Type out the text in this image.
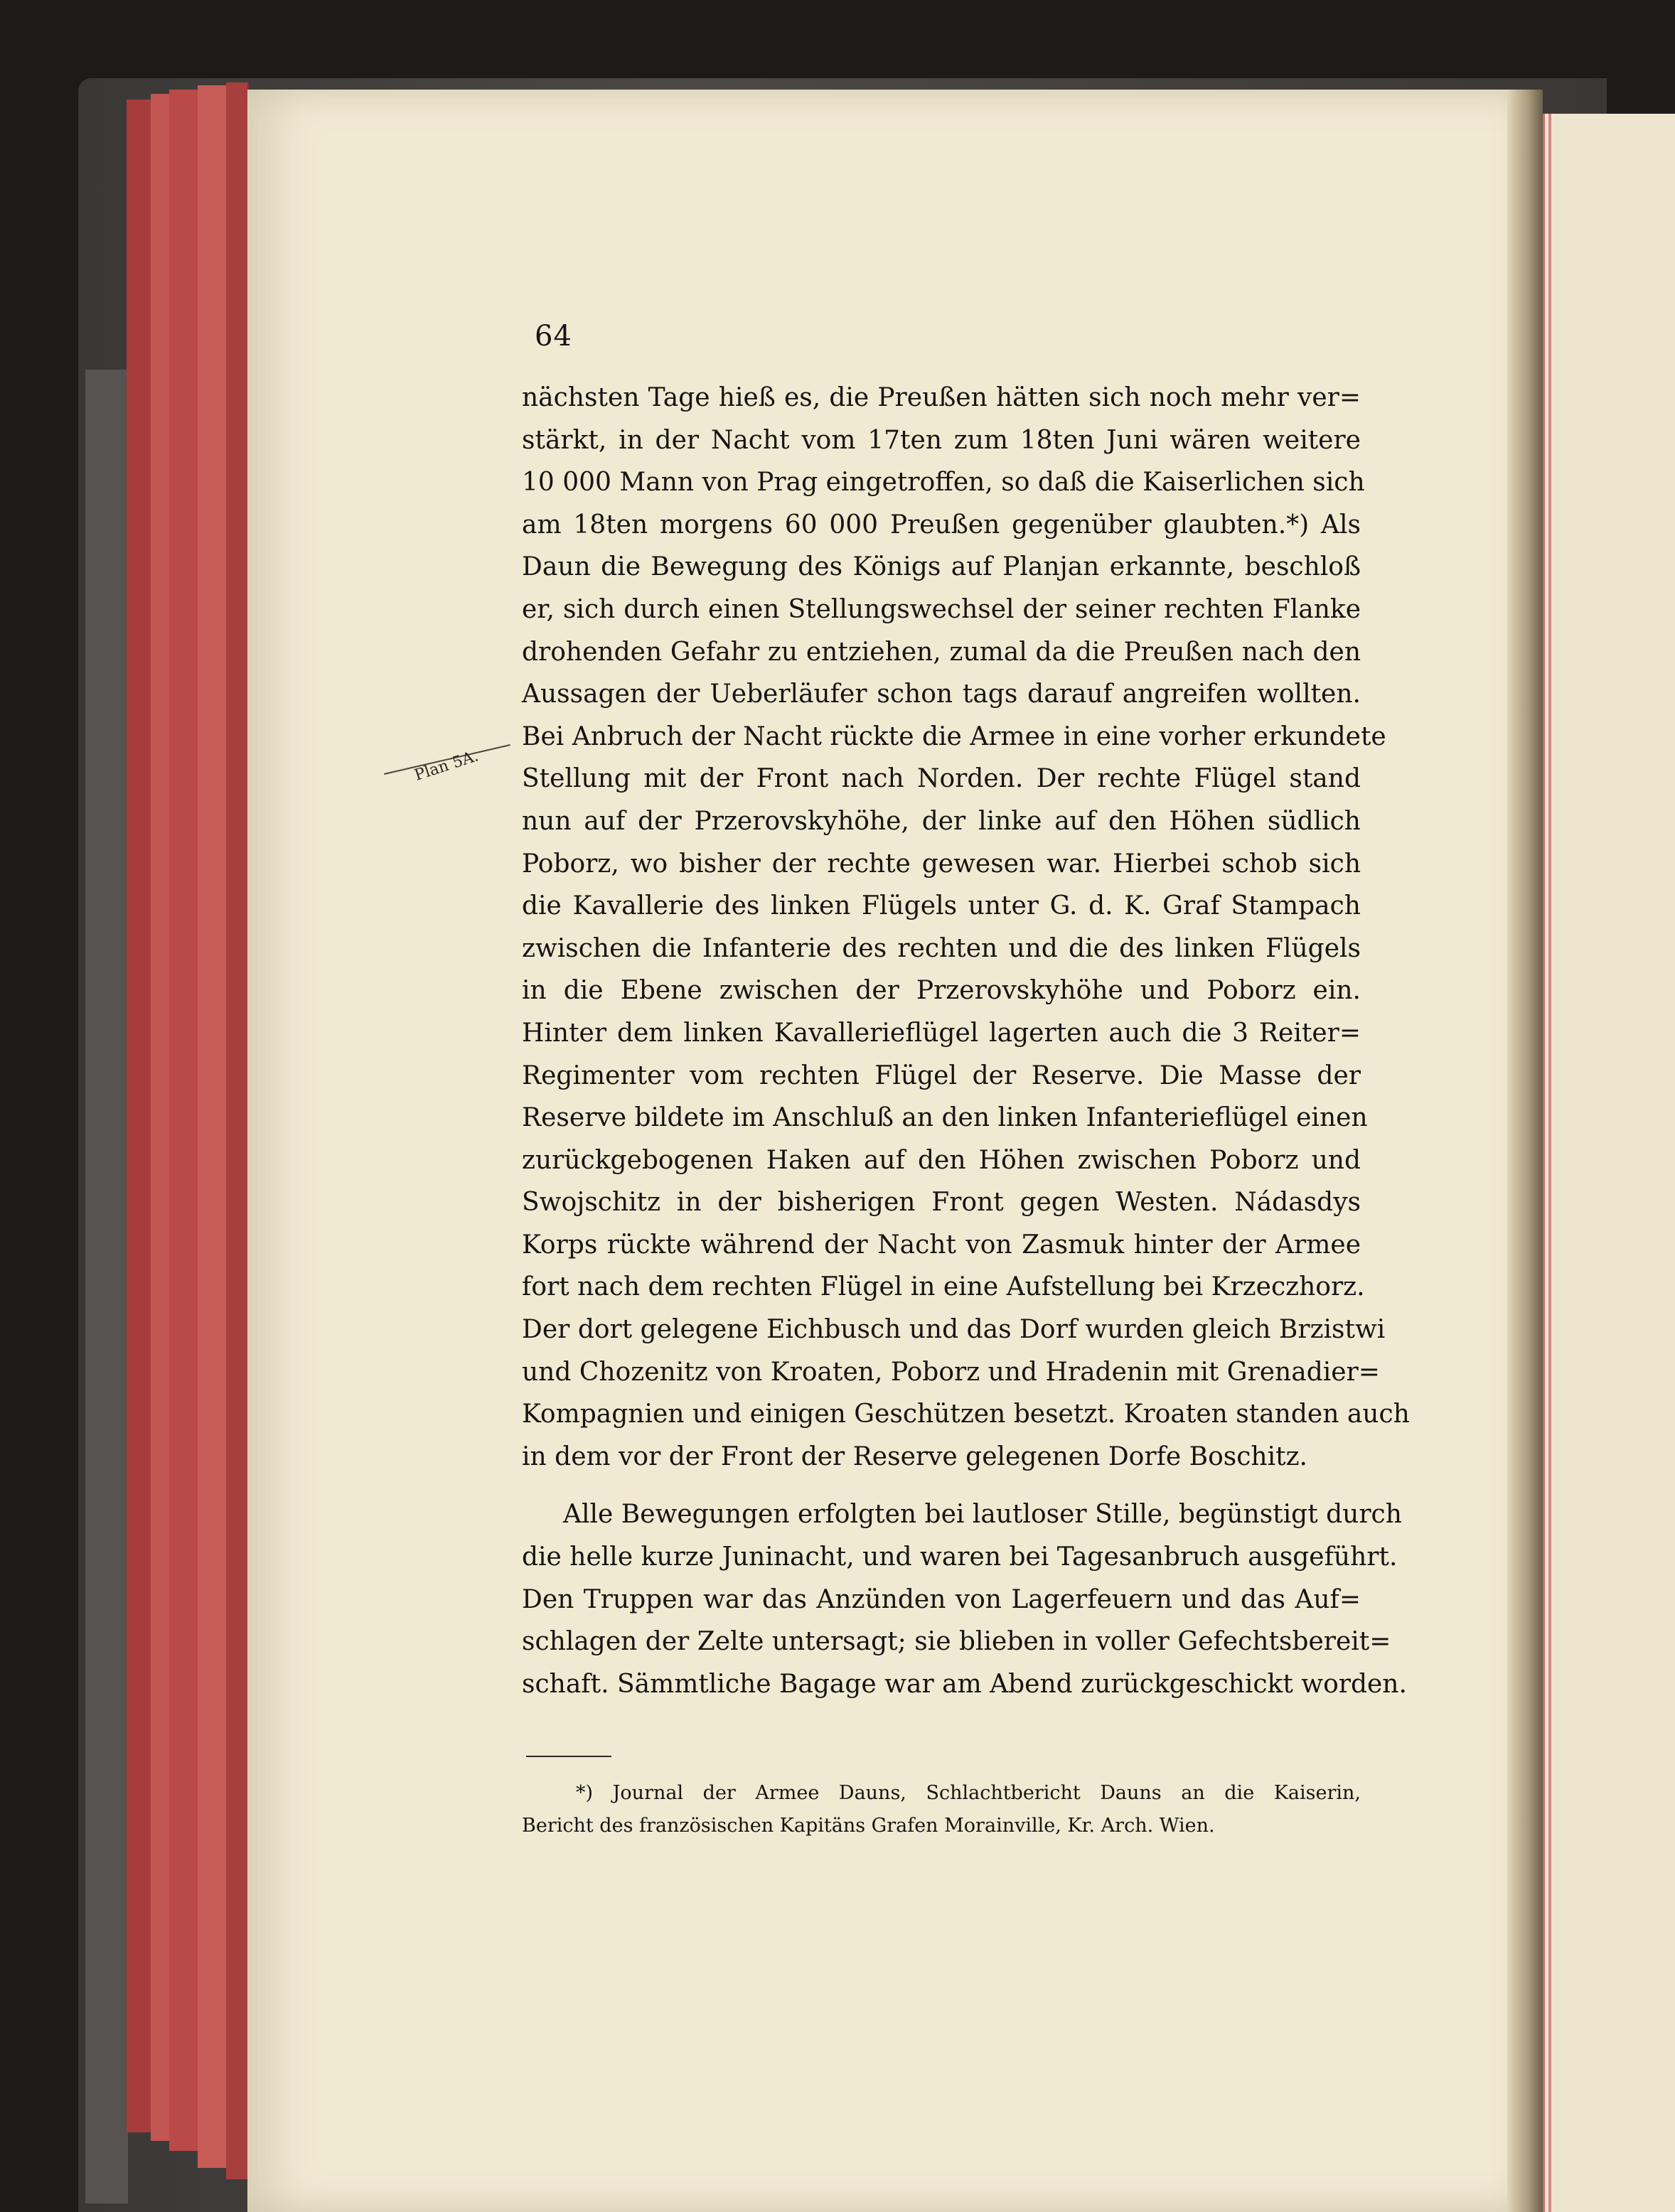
64
Plan 5A.
nächsten Tage hieß es, die Preußen hätten sich noch mehr ver=
stärkt, in der Nacht vom 17ten zum 18ten Juni wären weitere
10 000 Mann von Prag eingetroffen, so daß die Kaiserlichen sich
am 18ten morgens 60 000 Preußen gegenüber glaubten.*) Als
Daun die Bewegung des Königs auf Planjan erkannte, beschloß
er, sich durch einen Stellungswechsel der seiner rechten Flanke
drohenden Gefahr zu entziehen, zumal da die Preußen nach den
Aussagen der Ueberläufer schon tags darauf angreifen wollten.
Bei Anbruch der Nacht rückte die Armee in eine vorher erkundete
Stellung mit der Front nach Norden. Der rechte Flügel stand
nun auf der Przerovskyhöhe, der linke auf den Höhen südlich
Poborz, wo bisher der rechte gewesen war. Hierbei schob sich
die Kavallerie des linken Flügels unter G. d. K. Graf Stampach
zwischen die Infanterie des rechten und die des linken Flügels
in die Ebene zwischen der Przerovskyhöhe und Poborz ein.
Hinter dem linken Kavallerieflügel lagerten auch die 3 Reiter=
Regimenter vom rechten Flügel der Reserve. Die Masse der
Reserve bildete im Anschluß an den linken Infanterieflügel einen
zurückgebogenen Haken auf den Höhen zwischen Poborz und
Swojschitz in der bisherigen Front gegen Westen. Nádasdys
Korps rückte während der Nacht von Zasmuk hinter der Armee
fort nach dem rechten Flügel in eine Aufstellung bei Krzeczhorz.
Der dort gelegene Eichbusch und das Dorf wurden gleich Brzistwi
und Chozenitz von Kroaten, Poborz und Hradenin mit Grenadier=
Kompagnien und einigen Geschützen besetzt. Kroaten standen auch
in dem vor der Front der Reserve gelegenen Dorfe Boschitz.
Alle Bewegungen erfolgten bei lautloser Stille, begünstigt durch
die helle kurze Juninacht, und waren bei Tagesanbruch ausgeführt.
Den Truppen war das Anzünden von Lagerfeuern und das Auf=
schlagen der Zelte untersagt; sie blieben in voller Gefechtsbereit=
schaft. Sämmtliche Bagage war am Abend zurückgeschickt worden.
*) Journal der Armee Dauns, Schlachtbericht Dauns an die Kaiserin,
Bericht des französischen Kapitäns Grafen Morainville, Kr. Arch. Wien.
